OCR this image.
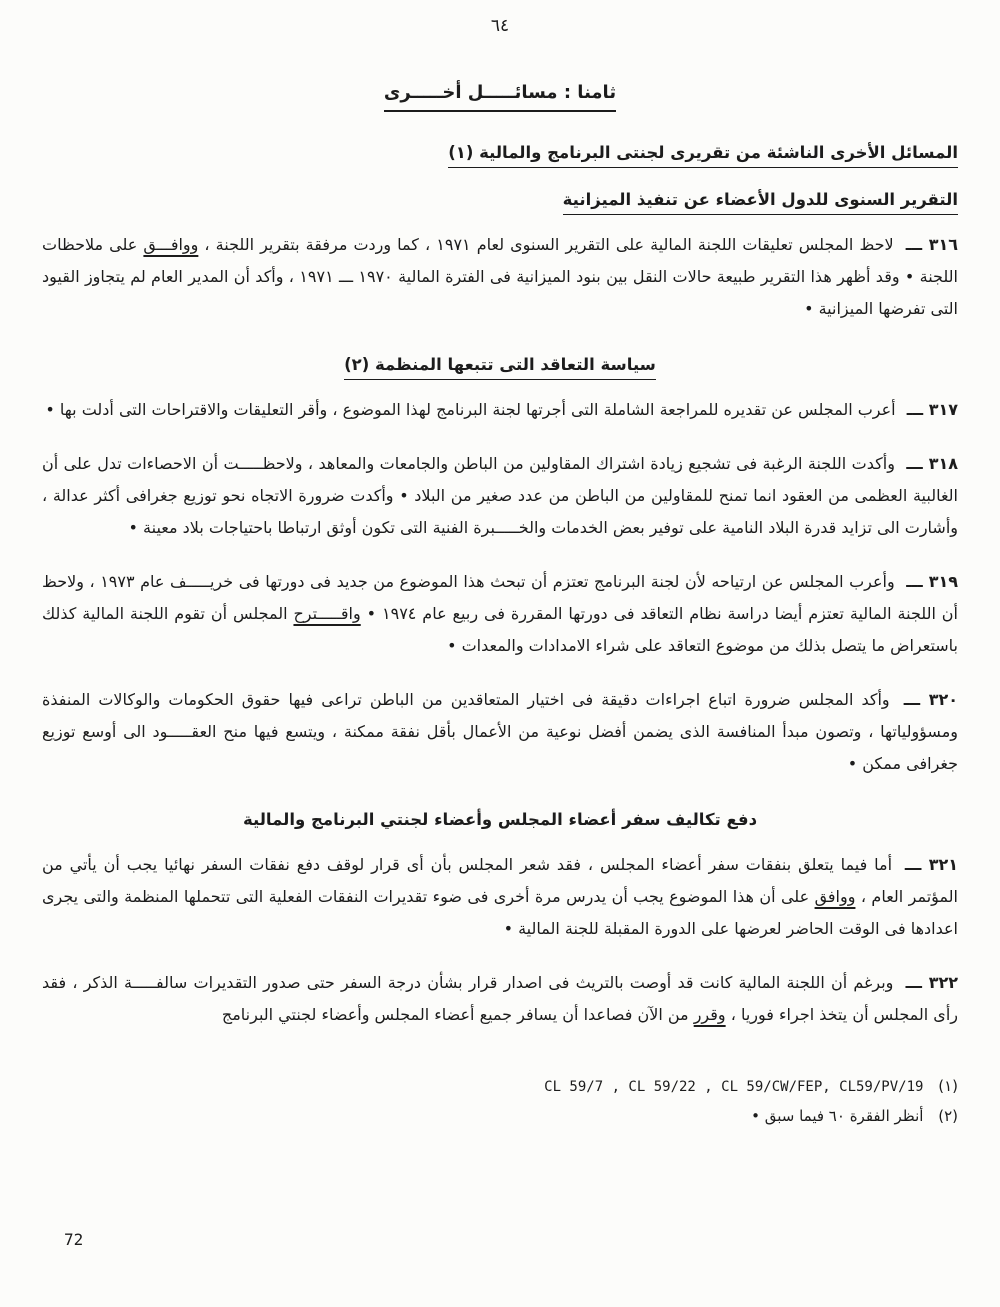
٦٤
ثامنا : مسائـــــل أخـــــرى
المسائل الأخرى الناشئة من تقريرى لجنتى البرنامج والمالية (١)
التقرير السنوى للدول الأعضاء عن تنفيذ الميزانية

٣١٦ ـــ لاحظ المجلس تعليقات اللجنة المالية على التقرير السنوى لعام ١٩٧١ ، كما وردت مرفقة بتقرير اللجنة ، ووافـــق على ملاحظات اللجنة • وقد أظهر هذا التقرير طبيعة حالات النقل بين بنود الميزانية فى الفترة المالية ١٩٧٠ ـــ ١٩٧١ ، وأكد أن المدير العام لم يتجاوز القيود التى تفرضها الميزانية •

سياسة التعاقد التى تتبعها المنظمة (٢)

٣١٧ ـــ أعرب المجلس عن تقديره للمراجعة الشاملة التى أجرتها لجنة البرنامج لهذا الموضوع ، وأقر التعليقات والاقتراحات التى أدلت بها •

٣١٨ ـــ وأكدت اللجنة الرغبة فى تشجيع زيادة اشتراك المقاولين من الباطن والجامعات والمعاهد ، ولاحظـــــت أن الاحصاءات تدل على أن الغالبية العظمى من العقود انما تمنح للمقاولين من الباطن من عدد صغير من البلاد • وأكدت ضرورة الاتجاه نحو توزيع جغرافى أكثر عدالة ، وأشارت الى تزايد قدرة البلاد النامية على توفير بعض الخدمات والخـــــبرة الفنية التى تكون أوثق ارتباطا باحتياجات بلاد معينة •

٣١٩ ـــ وأعرب المجلس عن ارتياحه لأن لجنة البرنامج تعتزم أن تبحث هذا الموضوع من جديد فى دورتها فى خريـــــف عام ١٩٧٣ ، ولاحظ أن اللجنة المالية تعتزم أيضا دراسة نظام التعاقد فى دورتها المقررة فى ربيع عام ١٩٧٤ • واقـــــترح المجلس أن تقوم اللجنة المالية كذلك باستعراض ما يتصل بذلك من موضوع التعاقد على شراء الامدادات والمعدات •

٣٢٠ ـــ وأكد المجلس ضرورة اتباع اجراءات دقيقة فى اختيار المتعاقدين من الباطن تراعى فيها حقوق الحكومات والوكالات المنفذة ومسؤولياتها ، وتصون مبدأ المنافسة الذى يضمن أفضل نوعية من الأعمال بأقل نفقة ممكنة ، ويتسع فيها منح العقـــــود الى أوسع توزيع جغرافى ممكن •

دفع تكاليف سفر أعضاء المجلس وأعضاء لجنتي البرنامج والمالية

٣٢١ ـــ أما فيما يتعلق بنفقات سفر أعضاء المجلس ، فقد شعر المجلس بأن أى قرار لوقف دفع نفقات السفر نهائيا يجب أن يأتي من المؤتمر العام ، ووافق على أن هذا الموضوع يجب أن يدرس مرة أخرى فى ضوء تقديرات النفقات الفعلية التى تتحملها المنظمة والتى يجرى اعدادها فى الوقت الحاضر لعرضها على الدورة المقبلة للجنة المالية •

٣٢٢ ـــ وبرغم أن اللجنة المالية كانت قد أوصت بالتريث فى اصدار قرار بشأن درجة السفر حتى صدور التقديرات سالفـــــة الذكر ، فقد رأى المجلس أن يتخذ اجراء فوريا ، وقرر من الآن فصاعدا أن يسافر جميع أعضاء المجلس وأعضاء لجنتي البرنامج

(١) CL 59/7 , CL 59/22 , CL 59/CW/FEP, CL59/PV/19
(٢) أنظر الفقرة ٦٠ فيما سبق •
72
